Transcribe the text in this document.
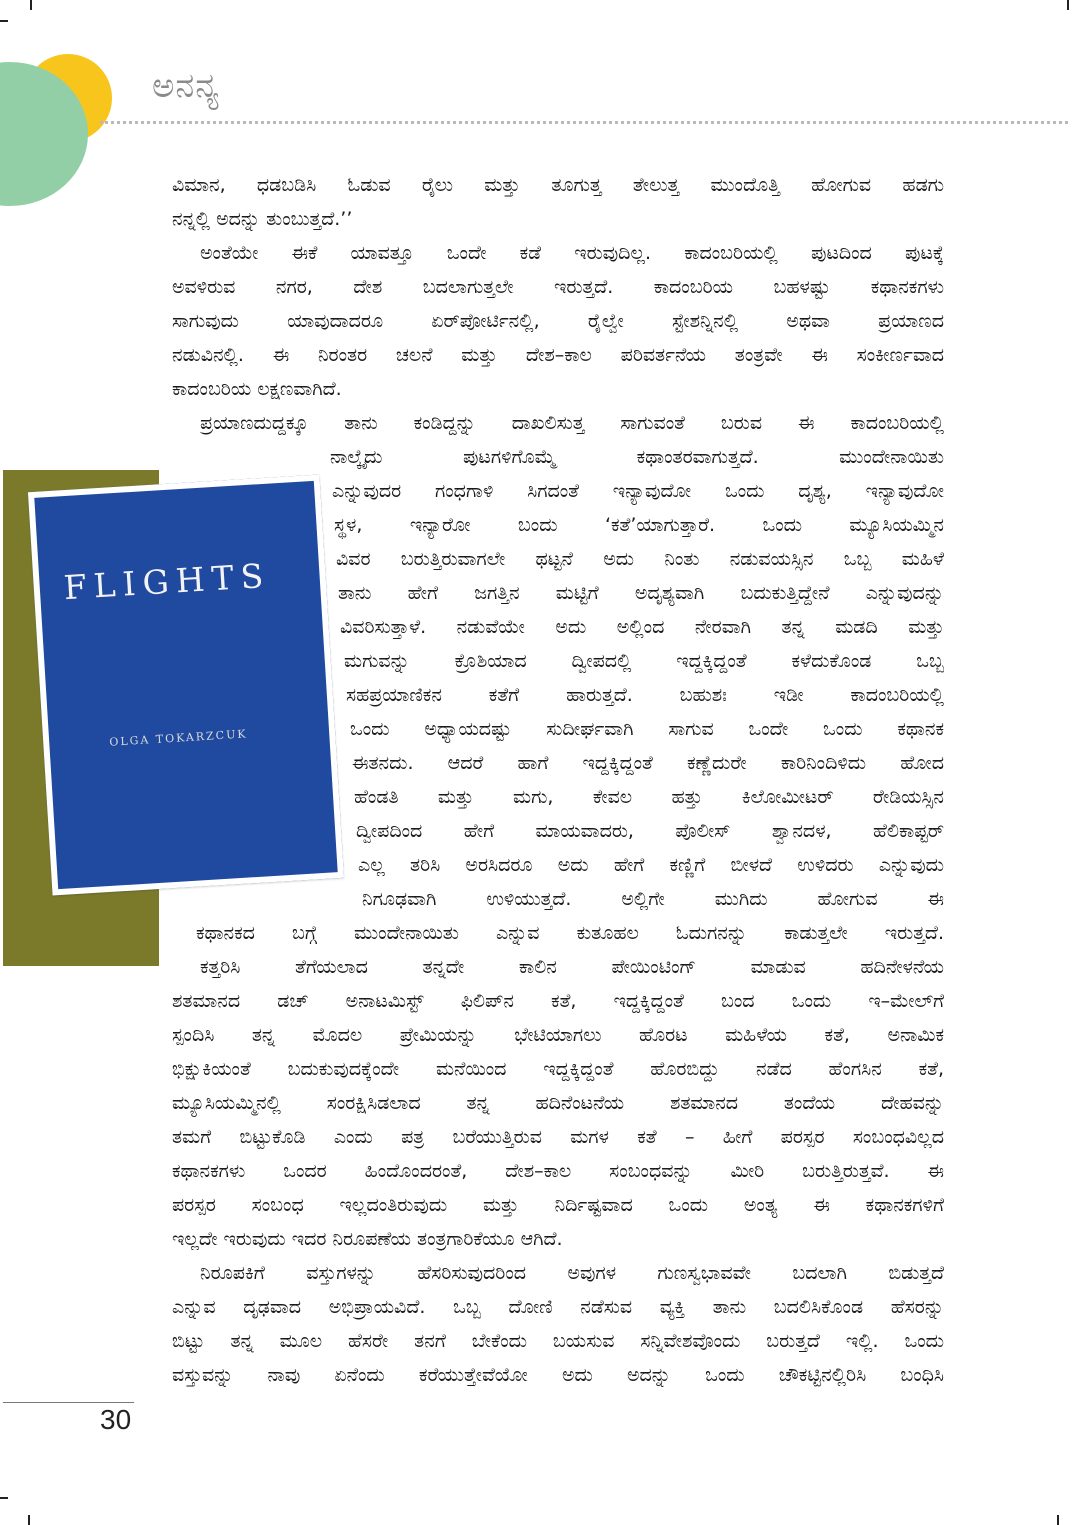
ಅನನ್ಯ
FLIGHTS
OLGA TOKARZCUK
ವಿಮಾನ, ಧಡಬಡಿಸಿ ಓಡುವ ರೈಲು ಮತ್ತು ತೂಗುತ್ತ ತೇಲುತ್ತ ಮುಂದೊತ್ತಿ ಹೋಗುವ ಹಡಗು
ನನ್ನಲ್ಲಿ ಅದನ್ನು ತುಂಬುತ್ತದೆ.’’
ಅಂತೆಯೇ ಈಕೆ ಯಾವತ್ತೂ ಒಂದೇ ಕಡೆ ಇರುವುದಿಲ್ಲ. ಕಾದಂಬರಿಯಲ್ಲಿ ಪುಟದಿಂದ ಪುಟಕ್ಕೆ
ಅವಳಿರುವ ನಗರ, ದೇಶ ಬದಲಾಗುತ್ತಲೇ ಇರುತ್ತದೆ. ಕಾದಂಬರಿಯ ಬಹಳಷ್ಟು ಕಥಾನಕಗಳು
ಸಾಗುವುದು ಯಾವುದಾದರೂ ಏರ್‌ಪೋರ್ಟಿನಲ್ಲಿ, ರೈಲ್ವೇ ಸ್ಟೇಶನ್ನಿನಲ್ಲಿ ಅಥವಾ ಪ್ರಯಾಣದ
ನಡುವಿನಲ್ಲಿ. ಈ ನಿರಂತರ ಚಲನೆ ಮತ್ತು ದೇಶ–ಕಾಲ ಪರಿವರ್ತನೆಯ ತಂತ್ರವೇ ಈ ಸಂಕೀರ್ಣವಾದ
ಕಾದಂಬರಿಯ ಲಕ್ಷಣವಾಗಿದೆ.
ಪ್ರಯಾಣದುದ್ದಕ್ಕೂ ತಾನು ಕಂಡಿದ್ದನ್ನು ದಾಖಲಿಸುತ್ತ ಸಾಗುವಂತೆ ಬರುವ ಈ ಕಾದಂಬರಿಯಲ್ಲಿ
ನಾಲ್ಕೈದು ಪುಟಗಳಿಗೊಮ್ಮೆ ಕಥಾಂತರವಾಗುತ್ತದೆ. ಮುಂದೇನಾಯಿತು
ಎನ್ನುವುದರ ಗಂಧಗಾಳಿ ಸಿಗದಂತೆ ಇನ್ಯಾವುದೋ ಒಂದು ದೃಶ್ಯ, ಇನ್ಯಾವುದೋ
ಸ್ಥಳ, ಇನ್ಯಾರೋ ಬಂದು ‘ಕತೆ’ಯಾಗುತ್ತಾರೆ. ಒಂದು ಮ್ಯೂಸಿಯಮ್ಮಿನ
ವಿವರ ಬರುತ್ತಿರುವಾಗಲೇ ಥಟ್ಟನೆ ಅದು ನಿಂತು ನಡುವಯಸ್ಸಿನ ಒಬ್ಬ ಮಹಿಳೆ
ತಾನು ಹೇಗೆ ಜಗತ್ತಿನ ಮಟ್ಟಿಗೆ ಅದೃಶ್ಯವಾಗಿ ಬದುಕುತ್ತಿದ್ದೇನೆ ಎನ್ನುವುದನ್ನು
ವಿವರಿಸುತ್ತಾಳೆ. ನಡುವೆಯೇ ಅದು ಅಲ್ಲಿಂದ ನೇರವಾಗಿ ತನ್ನ ಮಡದಿ ಮತ್ತು
ಮಗುವನ್ನು ಕ್ರೊಶಿಯಾದ ದ್ವೀಪದಲ್ಲಿ ಇದ್ದಕ್ಕಿದ್ದಂತೆ ಕಳೆದುಕೊಂಡ ಒಬ್ಬ
ಸಹಪ್ರಯಾಣಿಕನ ಕತೆಗೆ ಹಾರುತ್ತದೆ. ಬಹುಶಃ ಇಡೀ ಕಾದಂಬರಿಯಲ್ಲಿ
ಒಂದು ಅಧ್ಯಾಯದಷ್ಟು ಸುದೀರ್ಘವಾಗಿ ಸಾಗುವ ಒಂದೇ ಒಂದು ಕಥಾನಕ
ಈತನದು. ಆದರೆ ಹಾಗೆ ಇದ್ದಕ್ಕಿದ್ದಂತೆ ಕಣ್ಣೆದುರೇ ಕಾರಿನಿಂದಿಳಿದು ಹೋದ
ಹೆಂಡತಿ ಮತ್ತು ಮಗು, ಕೇವಲ ಹತ್ತು ಕಿಲೋಮೀಟರ್ ರೇಡಿಯಸ್ಸಿನ
ದ್ವೀಪದಿಂದ ಹೇಗೆ ಮಾಯವಾದರು, ಪೊಲೀಸ್ ಶ್ವಾನದಳ, ಹೆಲಿಕಾಪ್ಟರ್
ಎಲ್ಲ ತರಿಸಿ ಅರಸಿದರೂ ಅದು ಹೇಗೆ ಕಣ್ಣಿಗೆ ಬೀಳದೆ ಉಳಿದರು ಎನ್ನುವುದು
ನಿಗೂಢವಾಗಿ ಉಳಿಯುತ್ತದೆ. ಅಲ್ಲಿಗೇ ಮುಗಿದು ಹೋಗುವ ಈ
ಕಥಾನಕದ ಬಗ್ಗೆ ಮುಂದೇನಾಯಿತು ಎನ್ನುವ ಕುತೂಹಲ ಓದುಗನನ್ನು ಕಾಡುತ್ತಲೇ ಇರುತ್ತದೆ.
ಕತ್ತರಿಸಿ ತೆಗೆಯಲಾದ ತನ್ನದೇ ಕಾಲಿನ ಪೇಯಿಂಟಿಂಗ್ ಮಾಡುವ ಹದಿನೇಳನೆಯ
ಶತಮಾನದ ಡಚ್ ಅನಾಟಮಿಸ್ಟ್ ಫಿಲಿಪ್‌ನ ಕತೆ, ಇದ್ದಕ್ಕಿದ್ದಂತೆ ಬಂದ ಒಂದು ಇ–ಮೇಲ್‌ಗೆ
ಸ್ಪಂದಿಸಿ ತನ್ನ ಮೊದಲ ಪ್ರೇಮಿಯನ್ನು ಭೇಟಿಯಾಗಲು ಹೊರಟ ಮಹಿಳೆಯ ಕತೆ, ಅನಾಮಿಕ
ಭಿಕ್ಷುಕಿಯಂತೆ ಬದುಕುವುದಕ್ಕೆಂದೇ ಮನೆಯಿಂದ ಇದ್ದಕ್ಕಿದ್ದಂತೆ ಹೊರಬಿದ್ದು ನಡೆದ ಹೆಂಗಸಿನ ಕತೆ,
ಮ್ಯೂಸಿಯಮ್ಮಿನಲ್ಲಿ ಸಂರಕ್ಷಿಸಿಡಲಾದ ತನ್ನ ಹದಿನೆಂಟನೆಯ ಶತಮಾನದ ತಂದೆಯ ದೇಹವನ್ನು
ತಮಗೆ ಬಿಟ್ಟುಕೊಡಿ ಎಂದು ಪತ್ರ ಬರೆಯುತ್ತಿರುವ ಮಗಳ ಕತೆ – ಹೀಗೆ ಪರಸ್ಪರ ಸಂಬಂಧವಿಲ್ಲದ
ಕಥಾನಕಗಳು ಒಂದರ ಹಿಂದೊಂದರಂತೆ, ದೇಶ–ಕಾಲ ಸಂಬಂಧವನ್ನು ಮೀರಿ ಬರುತ್ತಿರುತ್ತವೆ. ಈ
ಪರಸ್ಪರ ಸಂಬಂಧ ಇಲ್ಲದಂತಿರುವುದು ಮತ್ತು ನಿರ್ದಿಷ್ಟವಾದ ಒಂದು ಅಂತ್ಯ ಈ ಕಥಾನಕಗಳಿಗೆ
ಇಲ್ಲದೇ ಇರುವುದು ಇದರ ನಿರೂಪಣೆಯ ತಂತ್ರಗಾರಿಕೆಯೂ ಆಗಿದೆ.
ನಿರೂಪಕಿಗೆ ವಸ್ತುಗಳನ್ನು ಹೆಸರಿಸುವುದರಿಂದ ಅವುಗಳ ಗುಣಸ್ವಭಾವವೇ ಬದಲಾಗಿ ಬಿಡುತ್ತದೆ
ಎನ್ನುವ ದೃಢವಾದ ಅಭಿಪ್ರಾಯವಿದೆ. ಒಬ್ಬ ದೋಣಿ ನಡೆಸುವ ವ್ಯಕ್ತಿ ತಾನು ಬದಲಿಸಿಕೊಂಡ ಹೆಸರನ್ನು
ಬಿಟ್ಟು ತನ್ನ ಮೂಲ ಹೆಸರೇ ತನಗೆ ಬೇಕೆಂದು ಬಯಸುವ ಸನ್ನಿವೇಶವೊಂದು ಬರುತ್ತದೆ ಇಲ್ಲಿ. ಒಂದು
ವಸ್ತುವನ್ನು ನಾವು ಏನೆಂದು ಕರೆಯುತ್ತೇವೆಯೋ ಅದು ಅದನ್ನು ಒಂದು ಚೌಕಟ್ಟಿನಲ್ಲಿರಿಸಿ ಬಂಧಿಸಿ
30
